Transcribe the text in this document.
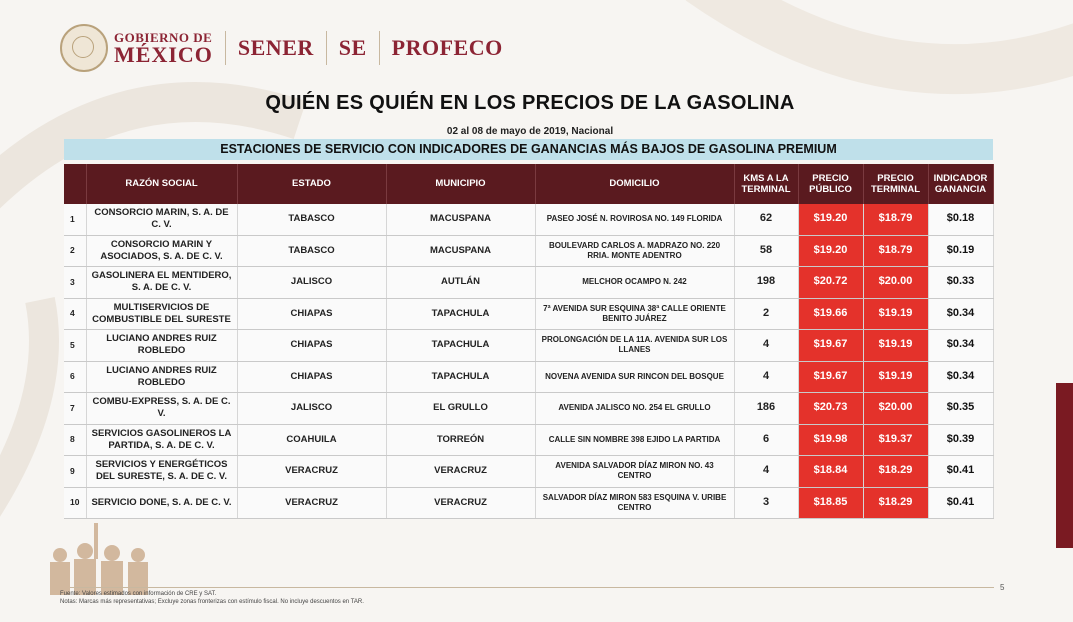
GOBIERNO DE
MÉXICO SENER SE PROFECO
QUIÉN ES QUIÉN EN LOS PRECIOS DE LA GASOLINA
02 al 08 de mayo de 2019, Nacional
ESTACIONES DE SERVICIO CON INDICADORES DE GANANCIAS MÁS BAJOS DE GASOLINA PREMIUM
	RAZÓN SOCIAL	ESTADO	MUNICIPIO	DOMICILIO	KMS A LA TERMINAL	PRECIO PÚBLICO	PRECIO TERMINAL	INDICADOR GANANCIA
1	CONSORCIO MARIN, S. A. DE C. V.	TABASCO	MACUSPANA	PASEO JOSÉ N. ROVIROSA NO. 149 FLORIDA	62	$19.20	$18.79	$0.18
2	CONSORCIO MARIN Y ASOCIADOS, S. A. DE C. V.	TABASCO	MACUSPANA	BOULEVARD CARLOS A. MADRAZO NO. 220 RRIA. MONTE ADENTRO	58	$19.20	$18.79	$0.19
3	GASOLINERA EL MENTIDERO, S. A. DE C. V.	JALISCO	AUTLÁN	MELCHOR OCAMPO N. 242	198	$20.72	$20.00	$0.33
4	MULTISERVICIOS DE COMBUSTIBLE DEL SURESTE	CHIAPAS	TAPACHULA	7ª AVENIDA SUR ESQUINA 38ª CALLE ORIENTE BENITO JUÁREZ	2	$19.66	$19.19	$0.34
5	LUCIANO ANDRES RUIZ ROBLEDO	CHIAPAS	TAPACHULA	PROLONGACIÓN DE LA 11A. AVENIDA SUR LOS LLANES	4	$19.67	$19.19	$0.34
6	LUCIANO ANDRES RUIZ ROBLEDO	CHIAPAS	TAPACHULA	NOVENA AVENIDA SUR RINCON DEL BOSQUE	4	$19.67	$19.19	$0.34
7	COMBU-EXPRESS, S. A. DE C. V.	JALISCO	EL GRULLO	AVENIDA JALISCO NO. 254 EL GRULLO	186	$20.73	$20.00	$0.35
8	SERVICIOS GASOLINEROS LA PARTIDA, S. A. DE C. V.	COAHUILA	TORREÓN	CALLE SIN NOMBRE 398 EJIDO LA PARTIDA	6	$19.98	$19.37	$0.39
9	SERVICIOS Y ENERGÉTICOS DEL SURESTE, S. A. DE C. V.	VERACRUZ	VERACRUZ	AVENIDA SALVADOR DÍAZ MIRON NO. 43 CENTRO	4	$18.84	$18.29	$0.41
10	SERVICIO DONE, S. A. DE C. V.	VERACRUZ	VERACRUZ	SALVADOR DÍAZ MIRON 583 ESQUINA V. URIBE CENTRO	3	$18.85	$18.29	$0.41
5
Fuente: Valores estimados con información de CRE y SAT.
Notas: Marcas más representativas; Excluye zonas fronterizas con estímulo fiscal. No incluye descuentos en TAR.
